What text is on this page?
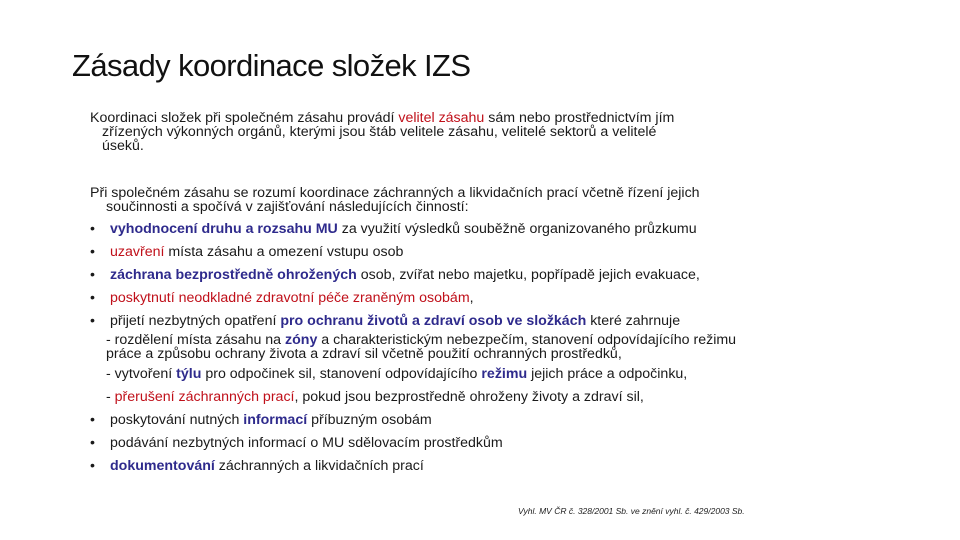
Zásady koordinace složek IZS
Koordinaci složek při společném zásahu provádí velitel zásahu sám nebo prostřednictvím jím
zřízených výkonných orgánů, kterými jsou štáb velitele zásahu, velitelé sektorů a velitelé
úseků.
Při společném zásahu se rozumí koordinace záchranných a likvidačních prací včetně řízení jejich
součinnosti a spočívá v zajišťování následujících činností:
• vyhodnocení druhu a rozsahu MU za využití výsledků souběžně organizovaného průzkumu
• uzavření místa zásahu a omezení vstupu osob
• záchrana bezprostředně ohrožených osob, zvířat nebo majetku, popřípadě jejich evakuace,
• poskytnutí neodkladné zdravotní péče zraněným osobám,
• přijetí nezbytných opatření pro ochranu životů a zdraví osob ve složkách které zahrnuje
- rozdělení místa zásahu na zóny a charakteristickým nebezpečím, stanovení odpovídajícího režimu
práce a způsobu ochrany života a zdraví sil včetně použití ochranných prostředků,
- vytvoření týlu pro odpočinek sil, stanovení odpovídajícího režimu jejich práce a odpočinku,
- přerušení záchranných prací, pokud jsou bezprostředně ohroženy životy a zdraví sil,
• poskytování nutných informací příbuzným osobám
• podávání nezbytných informací o MU sdělovacím prostředkům
• dokumentování záchranných a likvidačních prací
Vyhl. MV ČR č. 328/2001 Sb. ve znění vyhl. č. 429/2003 Sb.
